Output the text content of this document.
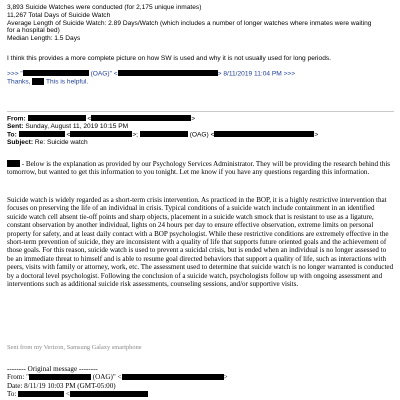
3,893 Suicide Watches were conducted (for 2,175 unique inmates)
11,267 Total Days of Suicide Watch
Average Length of Suicide Watch: 2.89 Days/Watch (which includes a number of longer watches where inmates were waiting
for a hospital bed)
Median Length: 1.5 Days
I think this provides a more complete picture on how SW is used and why it is not usually used for long periods.
>>> "	(OAG)" <	> 8/11/2019 11:04 PM >>>
Thanks, This is helpful.
From:	<	>
Sent: Sunday, August 11, 2019 10:15 PM
To:	<	>;	(OAG) <	>
Subject: Re: Suicide watch

- Below is the explanation as provided by our Psychology Services Administrator. They will be providing the research behind this tomorrow, but wanted to get this information to you tonight. Let me know if you have any questions regarding this information.

Suicide watch is widely regarded as a short-term crisis intervention. As practiced in the BOP, it is a highly restrictive intervention that focuses on preserving the life of an individual in crisis. Typical conditions of a suicide watch include containment in an identified suicide watch cell absent tie-off points and sharp objects, placement in a suicide watch smock that is resistant to use as a ligature, constant observation by another individual, lights on 24 hours per day to ensure effective observation, extreme limits on personal property for safety, and at least daily contact with a BOP psychologist. While these restrictive conditions are extremely effective in the short-term prevention of suicide, they are inconsistent with a quality of life that supports future oriented goals and the achievement of those goals. For this reason, suicide watch is used to prevent a suicidal crisis, but is ended when an individual is no longer assessed to be an immediate threat to himself and is able to resume goal directed behaviors that support a quality of life, such as interactions with peers, visits with family or attorney, work, etc. The assessment used to determine that suicide watch is no longer warranted is conducted by a doctoral level psychologist. Following the conclusion of a suicide watch, psychologists follow up with ongoing assessment and interventions such as additional suicide risk assessments, counseling sessions, and/or supportive visits.

Sent from my Verizon, Samsung Galaxy smartphone
-------- Original message --------
From: "	(OAG)" <	>
Date: 8/11/19 10:03 PM (GMT-05:00)
To:	<
